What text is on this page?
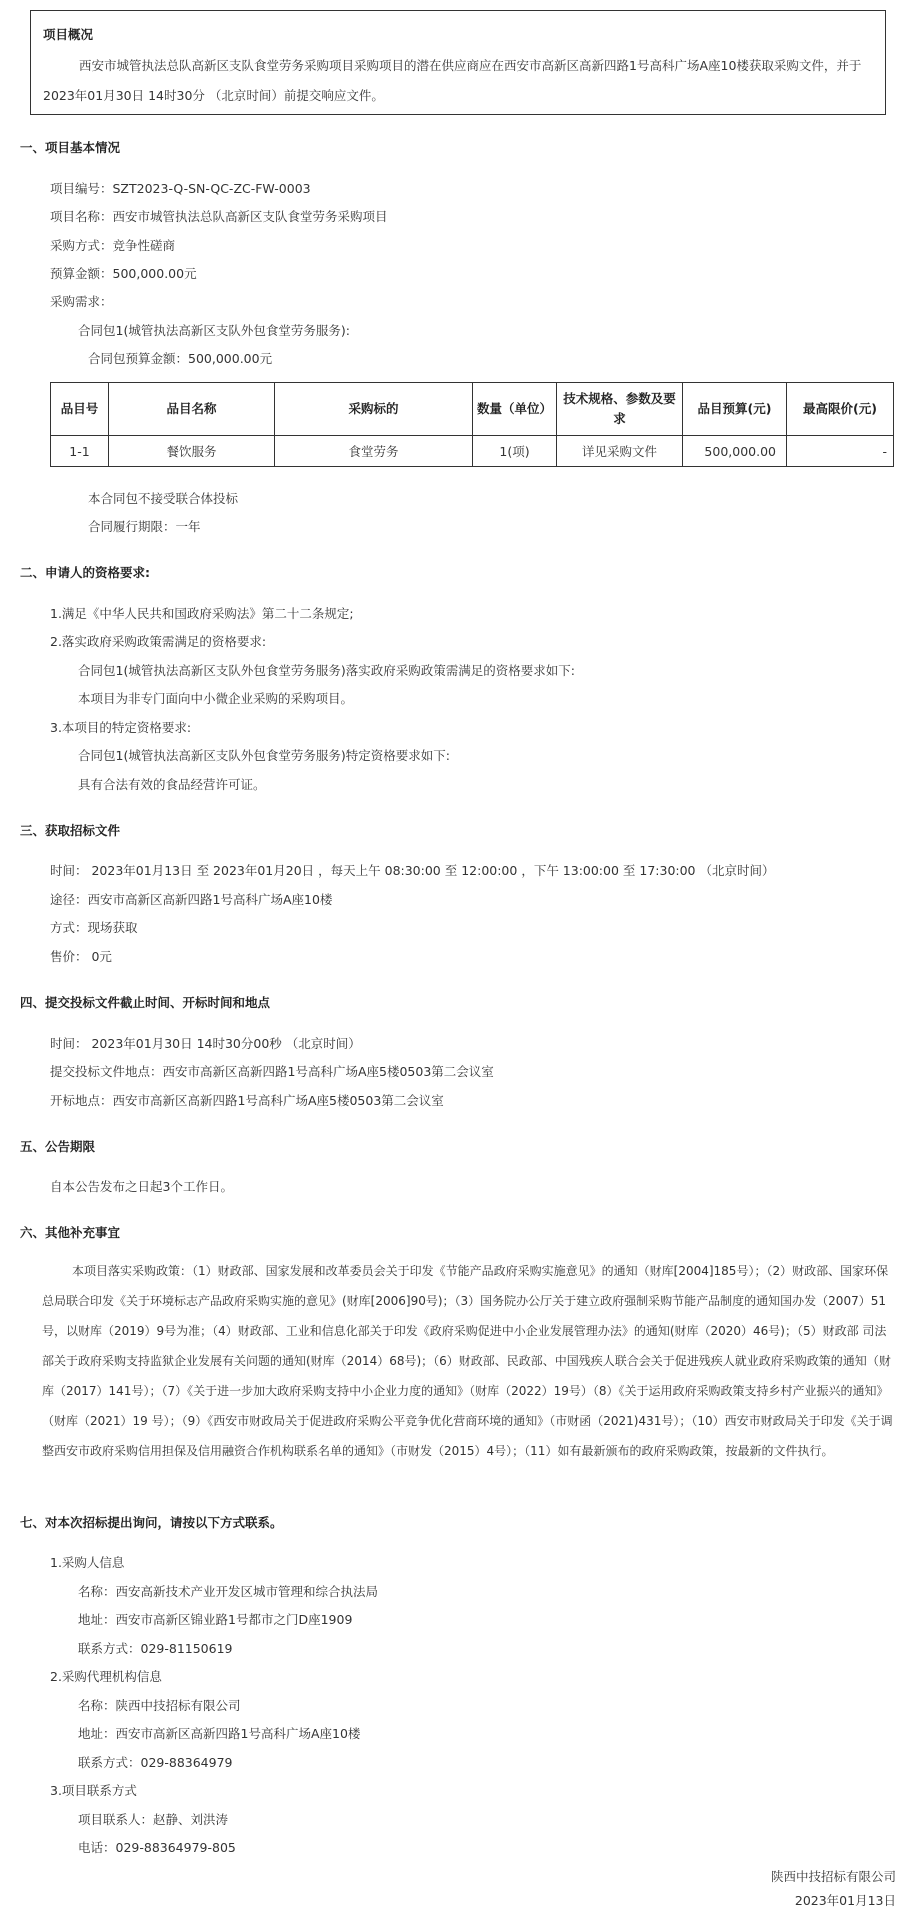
项目概况
西安市城管执法总队高新区支队食堂劳务采购项目采购项目的潜在供应商应在西安市高新区高新四路1号高科广场A座10楼获取采购文件，并于 2023年01月30日 14时30分 （北京时间）前提交响应文件。
一、项目基本情况
项目编号：SZT2023-Q-SN-QC-ZC-FW-0003
项目名称：西安市城管执法总队高新区支队食堂劳务采购项目
采购方式：竞争性磋商
预算金额：500,000.00元
采购需求：
合同包1(城管执法高新区支队外包食堂劳务服务):
合同包预算金额：500,000.00元
品目号	品目名称	采购标的	数量（单位）	技术规格、参数及要求	品目预算(元)	最高限价(元)
1-1	餐饮服务	食堂劳务	1(项)	详见采购文件	500,000.00	-
本合同包不接受联合体投标
合同履行期限：一年
二、申请人的资格要求:
1.满足《中华人民共和国政府采购法》第二十二条规定;
2.落实政府采购政策需满足的资格要求:
合同包1(城管执法高新区支队外包食堂劳务服务)落实政府采购政策需满足的资格要求如下:
本项目为非专门面向中小微企业采购的采购项目。
3.本项目的特定资格要求:
合同包1(城管执法高新区支队外包食堂劳务服务)特定资格要求如下:
具有合法有效的食品经营许可证。
三、获取招标文件
时间： 2023年01月13日 至 2023年01月20日 ，每天上午 08:30:00 至 12:00:00 ，下午 13:00:00 至 17:30:00 （北京时间）
途径：西安市高新区高新四路1号高科广场A座10楼
方式：现场获取
售价： 0元
四、提交投标文件截止时间、开标时间和地点
时间： 2023年01月30日 14时30分00秒 （北京时间）
提交投标文件地点：西安市高新区高新四路1号高科广场A座5楼0503第二会议室
开标地点：西安市高新区高新四路1号高科广场A座5楼0503第二会议室
五、公告期限
自本公告发布之日起3个工作日。
六、其他补充事宜
本项目落实采购政策：（1）财政部、国家发展和改革委员会关于印发《节能产品政府采购实施意见》的通知（财库[2004]185号）；（2）财政部、国家环保总局联合印发《关于环境标志产品政府采购实施的意见》(财库[2006]90号)；（3）国务院办公厅关于建立政府强制采购节能产品制度的通知国办发（2007）51号，以财库（2019）9号为准；（4）财政部、工业和信息化部关于印发《政府采购促进中小企业发展管理办法》的通知(财库（2020）46号)；（5）财政部 司法部关于政府采购支持监狱企业发展有关问题的通知(财库（2014）68号)；（6）财政部、民政部、中国残疾人联合会关于促进残疾人就业政府采购政策的通知（财库（2017）141号）；（7）《关于进一步加大政府采购支持中小企业力度的通知》（财库（2022）19号）（8）《关于运用政府采购政策支持乡村产业振兴的通知》（财库（2021）19 号）；（9）《西安市财政局关于促进政府采购公平竞争优化营商环境的通知》（市财函（2021)431号）；（10）西安市财政局关于印发《关于调整西安市政府采购信用担保及信用融资合作机构联系名单的通知》（市财发（2015）4号）；（11）如有最新颁布的政府采购政策，按最新的文件执行。
七、对本次招标提出询问，请按以下方式联系。
1.采购人信息
名称：西安高新技术产业开发区城市管理和综合执法局
地址：西安市高新区锦业路1号都市之门D座1909
联系方式：029-81150619
2.采购代理机构信息
名称：陕西中技招标有限公司
地址：西安市高新区高新四路1号高科广场A座10楼
联系方式：029-88364979
3.项目联系方式
项目联系人：赵静、刘洪涛
电话：029-88364979-805
陕西中技招标有限公司
2023年01月13日
